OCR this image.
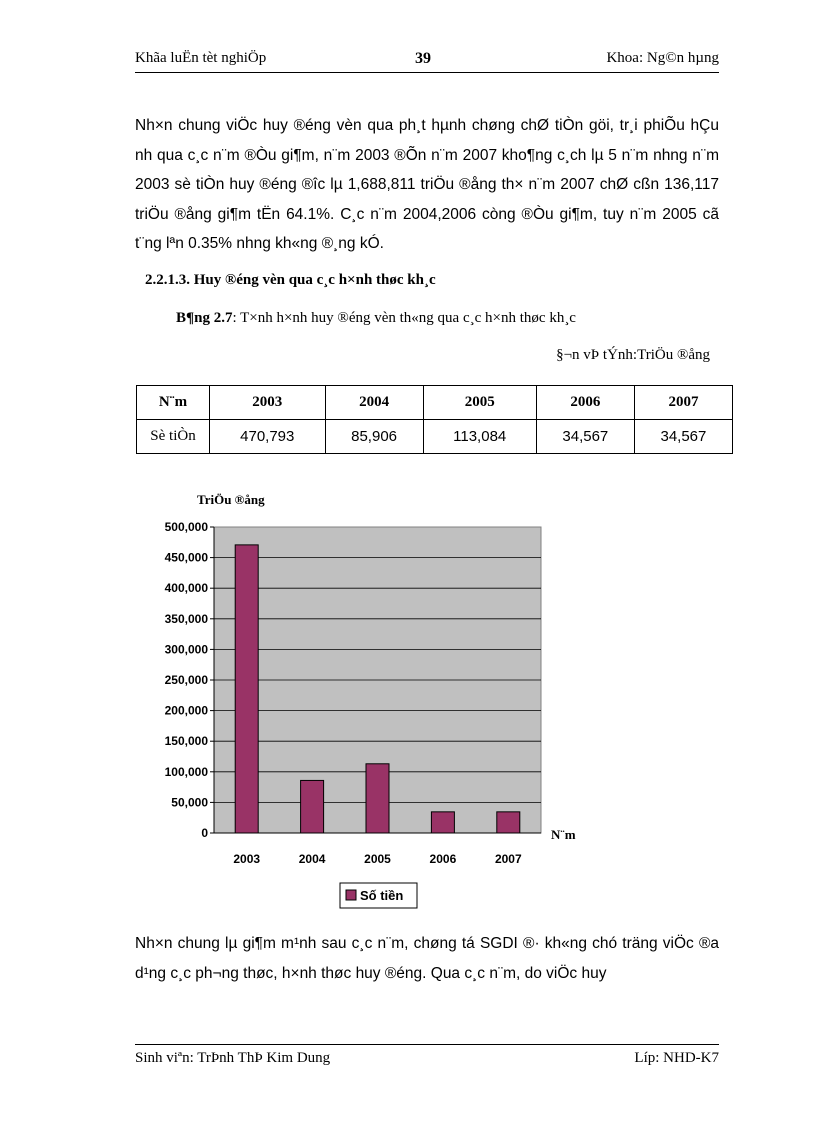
Khãa luËn tèt nghiÖp	39	Khoa: Ng©n hµng
Nh×n chung viÖc huy ®éng vèn qua ph¸t hµnh chøng chØ tiÒn göi, tr¸i phiÕu hÇu nh qua c¸c n¨m ®Òu gi¶m, n¨m 2003 ®Õn n¨m 2007 kho¶ng c¸ch lµ 5 n¨m nhng n¨m 2003 sè tiÒn huy ®éng ®îc lµ 1,688,811 triÖu ®ång th× n¨m 2007 chØ cßn 136,117 triÖu ®ång gi¶m tËn 64.1%. C¸c n¨m 2004,2006 còng ®Òu gi¶m, tuy n¨m 2005 cã t¨ng lªn 0.35% nhng kh«ng ®¸ng kÓ.
2.2.1.3. Huy ®éng vèn qua c¸c h×nh thøc kh¸c
B¶ng 2.7: T×nh h×nh huy ®éng vèn th«ng qua c¸c h×nh thøc kh¸c
§¬n vÞ tÝnh:TriÖu ®ång
N¨m	2003	2004	2005	2006	2007
Sè tiÒn	470,793	85,906	113,084	34,567	34,567
500,000
450,000
400,000
350,000
300,000
250,000
200,000
150,000
100,000
50,000
0
2003	2004	2005	2006	2007
TriÖu ®ång
N¨m
Số tiền
Nh×n chung lµ gi¶m m¹nh sau c¸c n¨m, chøng tá SGDI ®· kh«ng chó träng viÖc ®a d¹ng c¸c ph¬ng thøc, h×nh thøc huy ®éng. Qua c¸c n¨m, do viÖc huy
Sinh viªn: TrÞnh ThÞ Kim Dung	Líp: NHD-K7
